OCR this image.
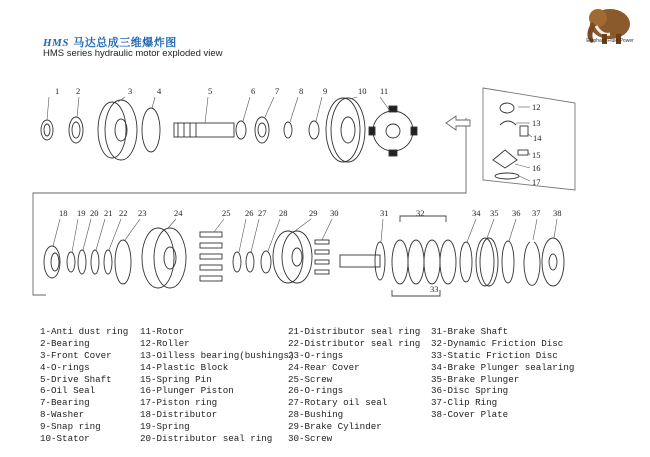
HMS 马达总成三维爆炸图
HMS series hydraulic motor exploded view
Elephant Fluid Power
1 2	3	4	5	6 7 8 9	10 11
12
13
14
15
16
17
18 19 20 21 22 23	24	25 26 27 28	29 30	31	32
33
34 35 36 37 38
1-Anti dust ring
2-Bearing
3-Front Cover
4-O-rings
5-Drive Shaft
6-Oil Seal
7-Bearing
8-Washer
9-Snap ring
10-Stator
11-Rotor
12-Roller
13-Oilless bearing(bushings)
14-Plastic Block
15-Spring Pin
16-Plunger Piston
17-Piston ring
18-Distributor
19-Spring
20-Distributor seal ring
21-Distributor seal ring
22-Distributor seal ring
23-O-rings
24-Rear Cover
25-Screw
26-O-rings
27-Rotary oil seal
28-Bushing
29-Brake Cylinder
30-Screw
31-Brake Shaft
32-Dynamic Friction Disc
33-Static Friction Disc
34-Brake Plunger sealaring
35-Brake Plunger
36-Disc Spring
37-Clip Ring
38-Cover Plate
